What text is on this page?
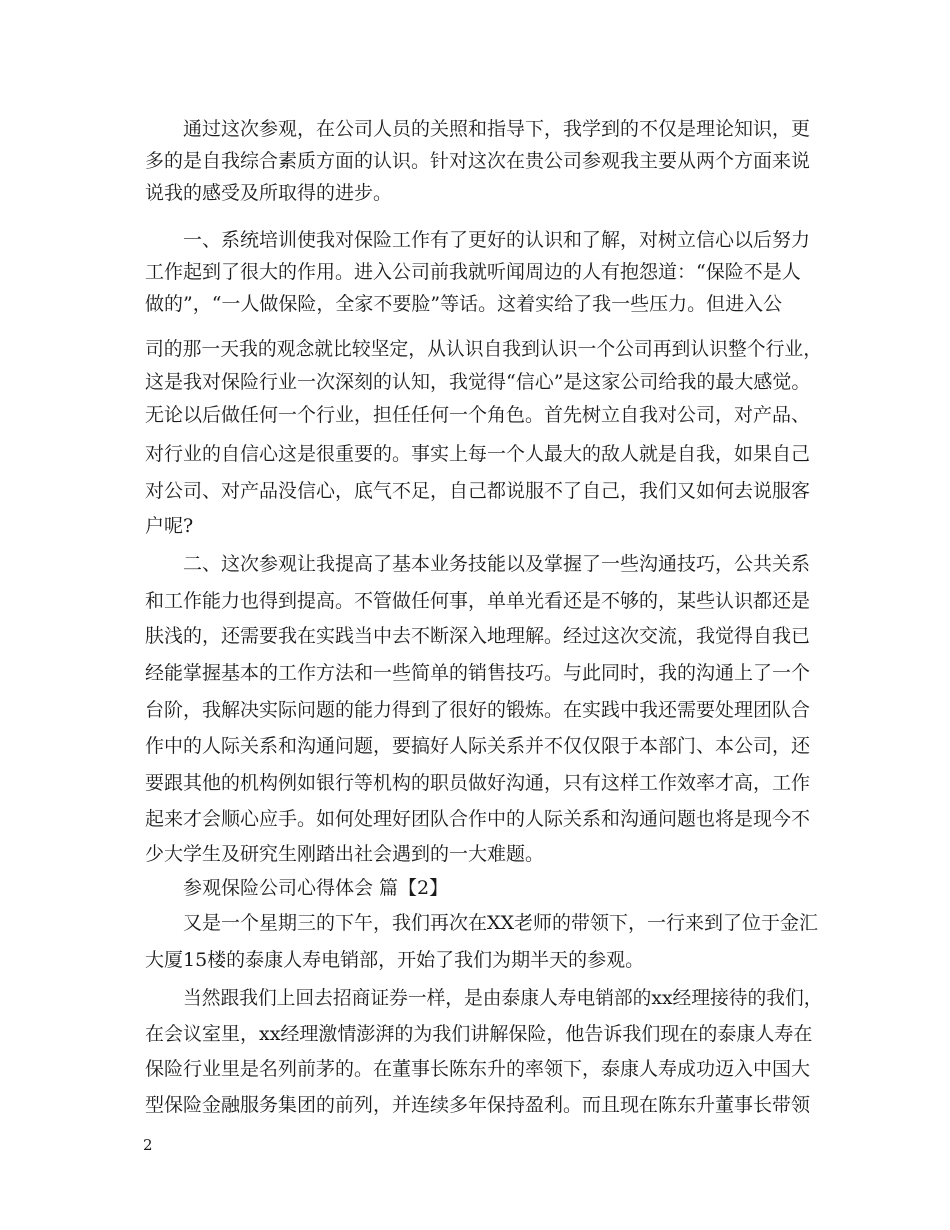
通过这次参观，在公司人员的关照和指导下，我学到的不仅是理论知识，更
多的是自我综合素质方面的认识。针对这次在贵公司参观我主要从两个方面来说
说我的感受及所取得的进步。
一、系统培训使我对保险工作有了更好的认识和了解，对树立信心以后努力
工作起到了很大的作用。进入公司前我就听闻周边的人有抱怨道：“保险不是人
做的”，“一人做保险，全家不要脸”等话。这着实给了我一些压力。但进入公
司的那一天我的观念就比较坚定，从认识自我到认识一个公司再到认识整个行业，
这是我对保险行业一次深刻的认知，我觉得“信心”是这家公司给我的最大感觉。
无论以后做任何一个行业，担任任何一个角色。首先树立自我对公司，对产品、
对行业的自信心这是很重要的。事实上每一个人最大的敌人就是自我，如果自己
对公司、对产品没信心，底气不足，自己都说服不了自己，我们又如何去说服客
户呢?
二、这次参观让我提高了基本业务技能以及掌握了一些沟通技巧，公共关系
和工作能力也得到提高。不管做任何事，单单光看还是不够的，某些认识都还是
肤浅的，还需要我在实践当中去不断深入地理解。经过这次交流，我觉得自我已
经能掌握基本的工作方法和一些简单的销售技巧。与此同时，我的沟通上了一个
台阶，我解决实际问题的能力得到了很好的锻炼。在实践中我还需要处理团队合
作中的人际关系和沟通问题，要搞好人际关系并不仅仅限于本部门、本公司，还
要跟其他的机构例如银行等机构的职员做好沟通，只有这样工作效率才高，工作
起来才会顺心应手。如何处理好团队合作中的人际关系和沟通问题也将是现今不
少大学生及研究生刚踏出社会遇到的一大难题。
参观保险公司心得体会 篇【2】
又是一个星期三的下午，我们再次在XX老师的带领下，一行来到了位于金汇
大厦15楼的泰康人寿电销部，开始了我们为期半天的参观。
当然跟我们上回去招商证券一样，是由泰康人寿电销部的xx经理接待的我们，
在会议室里，xx经理激情澎湃的为我们讲解保险，他告诉我们现在的泰康人寿在
保险行业里是名列前茅的。在董事长陈东升的率领下，泰康人寿成功迈入中国大
型保险金融服务集团的前列，并连续多年保持盈利。而且现在陈东升董事长带领
2
